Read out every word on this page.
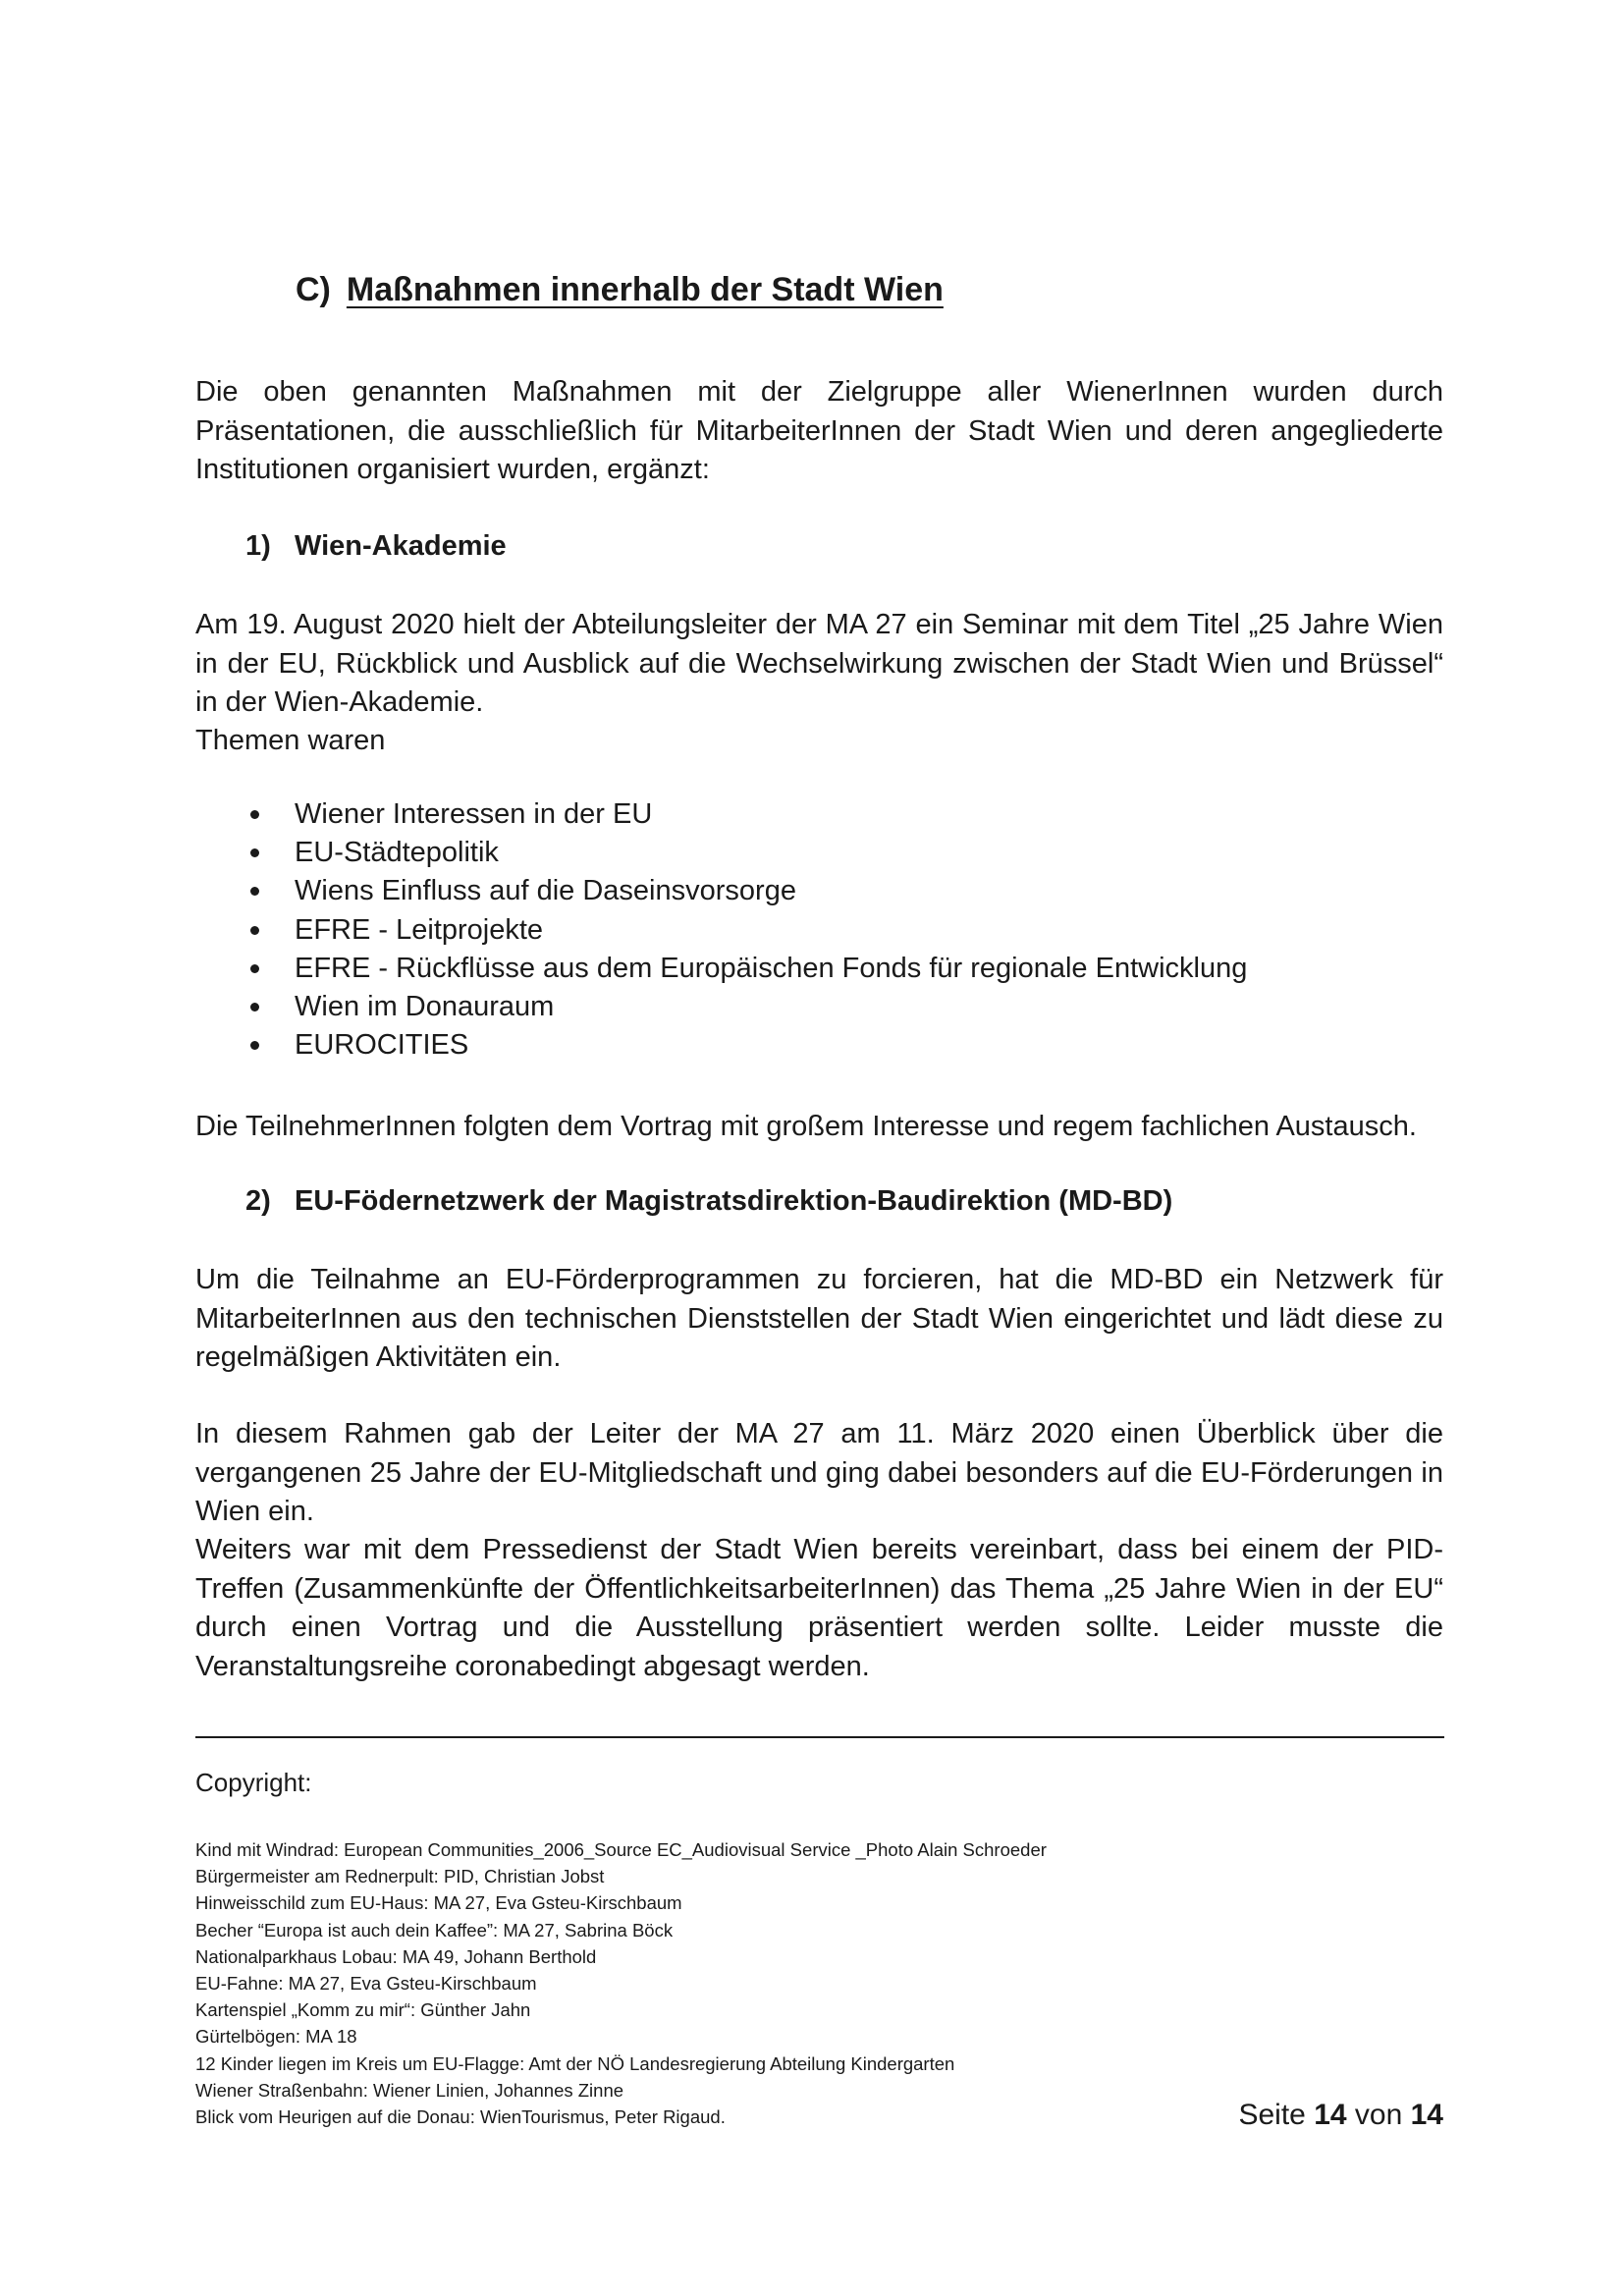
C) Maßnahmen innerhalb der Stadt Wien

Die oben genannten Maßnahmen mit der Zielgruppe aller WienerInnen wurden durch Präsentationen, die ausschließlich für MitarbeiterInnen der Stadt Wien und deren angegliederte Institutionen organisiert wurden, ergänzt:

1) Wien-Akademie

Am 19. August 2020 hielt der Abteilungsleiter der MA 27 ein Seminar mit dem Titel „25 Jahre Wien in der EU, Rückblick und Ausblick auf die Wechselwirkung zwischen der Stadt Wien und Brüssel“ in der Wien-Akademie.

Themen waren

Wiener Interessen in der EU
EU-Städtepolitik
Wiens Einfluss auf die Daseinsvorsorge
EFRE - Leitprojekte
EFRE - Rückflüsse aus dem Europäischen Fonds für regionale Entwicklung
Wien im Donauraum
EUROCITIES

Die TeilnehmerInnen folgten dem Vortrag mit großem Interesse und regem fachlichen Austausch.

2) EU-Födernetzwerk der Magistratsdirektion-Baudirektion (MD-BD)

Um die Teilnahme an EU-Förderprogrammen zu forcieren, hat die MD-BD ein Netzwerk für MitarbeiterInnen aus den technischen Dienststellen der Stadt Wien eingerichtet und lädt diese zu regelmäßigen Aktivitäten ein.

In diesem Rahmen gab der Leiter der MA 27 am 11. März 2020 einen Überblick über die vergangenen 25 Jahre der EU-Mitgliedschaft und ging dabei besonders auf die EU-Förderungen in Wien ein.

Weiters war mit dem Pressedienst der Stadt Wien bereits vereinbart, dass bei einem der PID-Treffen (Zusammenkünfte der ÖffentlichkeitsarbeiterInnen) das Thema „25 Jahre Wien in der EU“ durch einen Vortrag und die Ausstellung präsentiert werden sollte. Leider musste die Veranstaltungsreihe coronabedingt abgesagt werden.

Copyright:
Kind mit Windrad: European Communities_2006_Source EC_Audiovisual Service _Photo Alain Schroeder
Bürgermeister am Rednerpult: PID, Christian Jobst
Hinweisschild zum EU-Haus: MA 27, Eva Gsteu-Kirschbaum
Becher “Europa ist auch dein Kaffee”: MA 27, Sabrina Böck
Nationalparkhaus Lobau: MA 49, Johann Berthold
EU-Fahne: MA 27, Eva Gsteu-Kirschbaum
Kartenspiel „Komm zu mir“: Günther Jahn
Gürtelbögen: MA 18
12 Kinder liegen im Kreis um EU-Flagge: Amt der NÖ Landesregierung Abteilung Kindergarten
Wiener Straßenbahn: Wiener Linien, Johannes Zinne
Blick vom Heurigen auf die Donau: WienTourismus, Peter Rigaud.	Seite 14 von 14
